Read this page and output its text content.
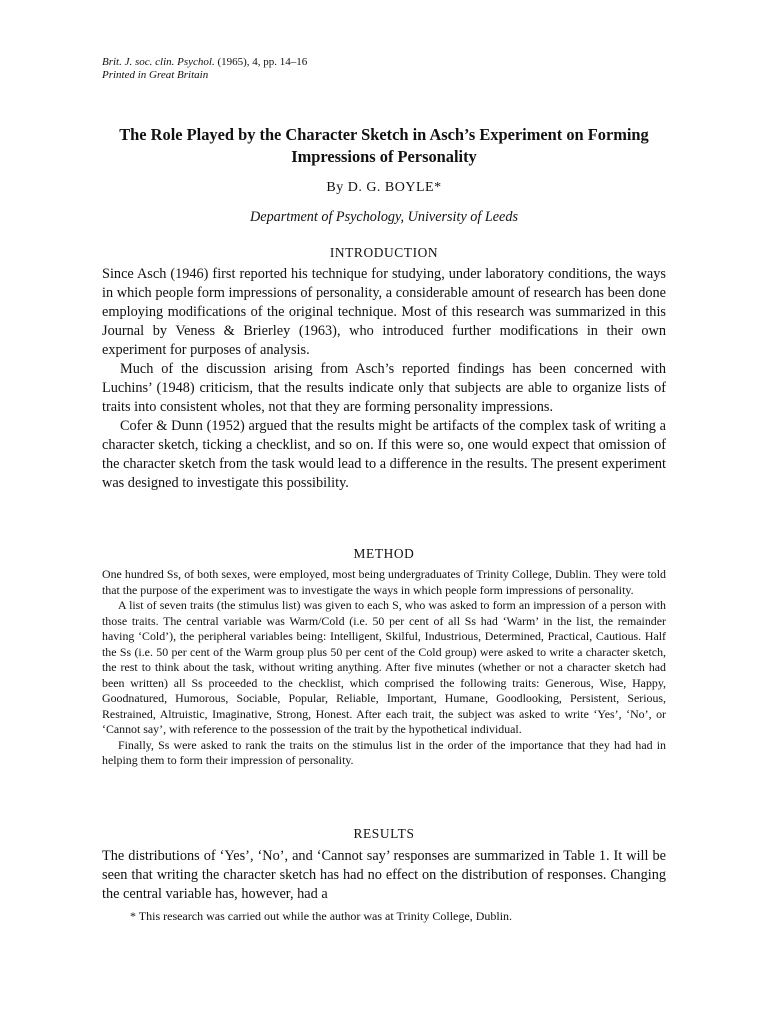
Brit. J. soc. clin. Psychol. (1965), 4, pp. 14–16
Printed in Great Britain
The Role Played by the Character Sketch in Asch’s Experiment on Forming Impressions of Personality
By D. G. BOYLE*
Department of Psychology, University of Leeds
INTRODUCTION

Since Asch (1946) first reported his technique for studying, under laboratory conditions, the ways in which people form impressions of personality, a considerable amount of research has been done employing modifications of the original technique. Most of this research was summarized in this Journal by Veness & Brierley (1963), who introduced further modifications in their own experiment for purposes of analysis.

Much of the discussion arising from Asch’s reported findings has been concerned with Luchins’ (1948) criticism, that the results indicate only that subjects are able to organize lists of traits into consistent wholes, not that they are forming personality impressions.

Cofer & Dunn (1952) argued that the results might be artifacts of the complex task of writing a character sketch, ticking a checklist, and so on. If this were so, one would expect that omission of the character sketch from the task would lead to a difference in the results. The present experiment was designed to investigate this possibility.

METHOD

One hundred Ss, of both sexes, were employed, most being undergraduates of Trinity College, Dublin. They were told that the purpose of the experiment was to investigate the ways in which people form impressions of personality.

A list of seven traits (the stimulus list) was given to each S, who was asked to form an impression of a person with those traits. The central variable was Warm/Cold (i.e. 50 per cent of all Ss had ‘Warm’ in the list, the remainder having ‘Cold’), the peripheral variables being: Intelligent, Skilful, Industrious, Determined, Practical, Cautious. Half the Ss (i.e. 50 per cent of the Warm group plus 50 per cent of the Cold group) were asked to write a character sketch, the rest to think about the task, without writing anything. After five minutes (whether or not a character sketch had been written) all Ss proceeded to the checklist, which comprised the following traits: Generous, Wise, Happy, Goodnatured, Humorous, Sociable, Popular, Reliable, Important, Humane, Goodlooking, Persistent, Serious, Restrained, Altruistic, Imaginative, Strong, Honest. After each trait, the subject was asked to write ‘Yes’, ‘No’, or ‘Cannot say’, with reference to the possession of the trait by the hypothetical individual.

Finally, Ss were asked to rank the traits on the stimulus list in the order of the importance that they had had in helping them to form their impression of personality.

RESULTS

The distributions of ‘Yes’, ‘No’, and ‘Cannot say’ responses are summarized in Table 1. It will be seen that writing the character sketch has had no effect on the distribution of responses. Changing the central variable has, however, had a

* This research was carried out while the author was at Trinity College, Dublin.
